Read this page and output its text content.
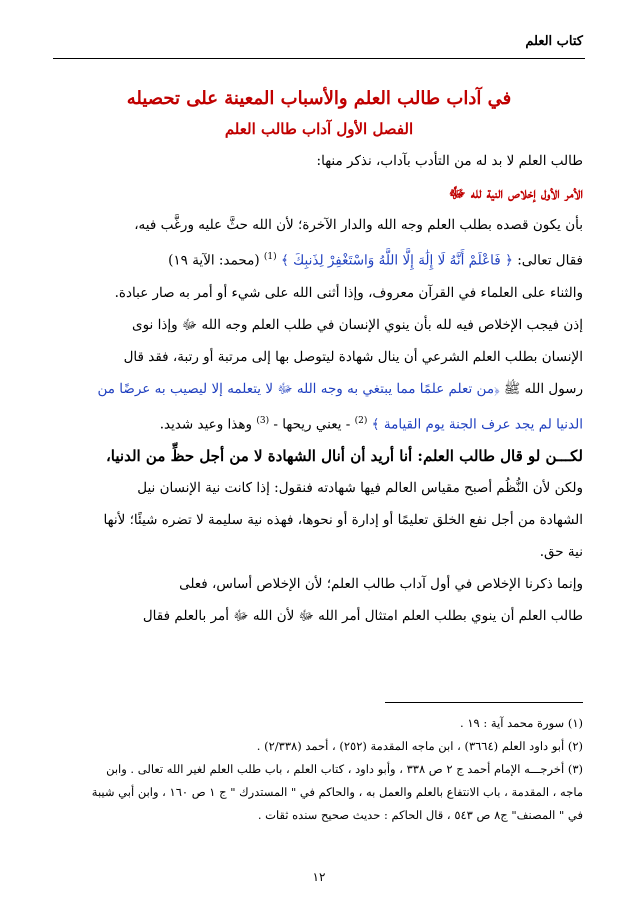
كتاب العلم
في آداب طالب العلم والأسباب المعينة على تحصيله
الفصل الأول آداب طالب العلم
طالب العلم لا بد له من التأدب بآداب، نذكر منها:
الأمر الأول إخلاص النية لله ﷻ
بأن يكون قصده بطلب العلم وجه الله والدار الآخرة؛ لأن الله حثَّ عليه ورغَّب فيه،
فقال تعالى: ﴿ فَاعْلَمْ أَنَّهُ لَا إِلَٰهَ إِلَّا اللَّهُ وَاسْتَغْفِرْ لِذَنبِكَ ﴾ $^{(1)}$ (محمد: الآية ١٩)
والثناء على العلماء في القرآن معروف، وإذا أثنى الله على شيء أو أمر به صار عبادة.
إذن فيجب الإخلاص فيه لله بأن ينوي الإنسان في طلب العلم وجه الله ﷻ وإذا نوى
الإنسان بطلب العلم الشرعي أن ينال شهادة ليتوصل بها إلى مرتبة أو رتبة، فقد قال
رسول الله ﷺ ﴿من تعلم علمًا مما يبتغي به وجه الله ﷻ لا يتعلمه إلا ليصيب به عرضًا من
الدنيا لم يجد عرف الجنة يوم القيامة ﴾ $^{(2)}$ - يعني ريحها - $^{(3)}$ وهذا وعيد شديد.
لكـــن لو قال طالب العلم: أنا أريد أن أنال الشهادة لا من أجل حظِّ من الدنيا،
ولكن لأن النُّظُم أصبح مقياس العالم فيها شهادته فنقول: إذا كانت نية الإنسان نيل
الشهادة من أجل نفع الخلق تعليمًا أو إدارة أو نحوها، فهذه نية سليمة لا تضره شيئًا؛ لأنها
نية حق.
وإنما ذكرنا الإخلاص في أول آداب طالب العلم؛ لأن الإخلاص أساس، فعلى
طالب العلم أن ينوي بطلب العلم امتثال أمر الله ﷻ لأن الله ﷻ أمر بالعلم فقال

(١) سورة محمد آية : ١٩ .

(٢) أبو داود العلم (٣٦٦٤) ، ابن ماجه المقدمة (٢٥٢) ، أحمد (٢/٣٣٨) .

(٣) أخرجـــه الإمام أحمد ج ٢ ص ٣٣٨ ، وأبو داود ، كتاب العلم ، باب طلب العلم لغير الله تعالى . وابن

ماجه ، المقدمة ، باب الانتفاع بالعلم والعمل به ، والحاكم في " المستدرك " ج ١ ص ١٦٠ ، وابن أبي شيبة

في " المصنف" ج٨ ص ٥٤٣ ، قال الحاكم : حديث صحيح سنده ثقات .

١٢
